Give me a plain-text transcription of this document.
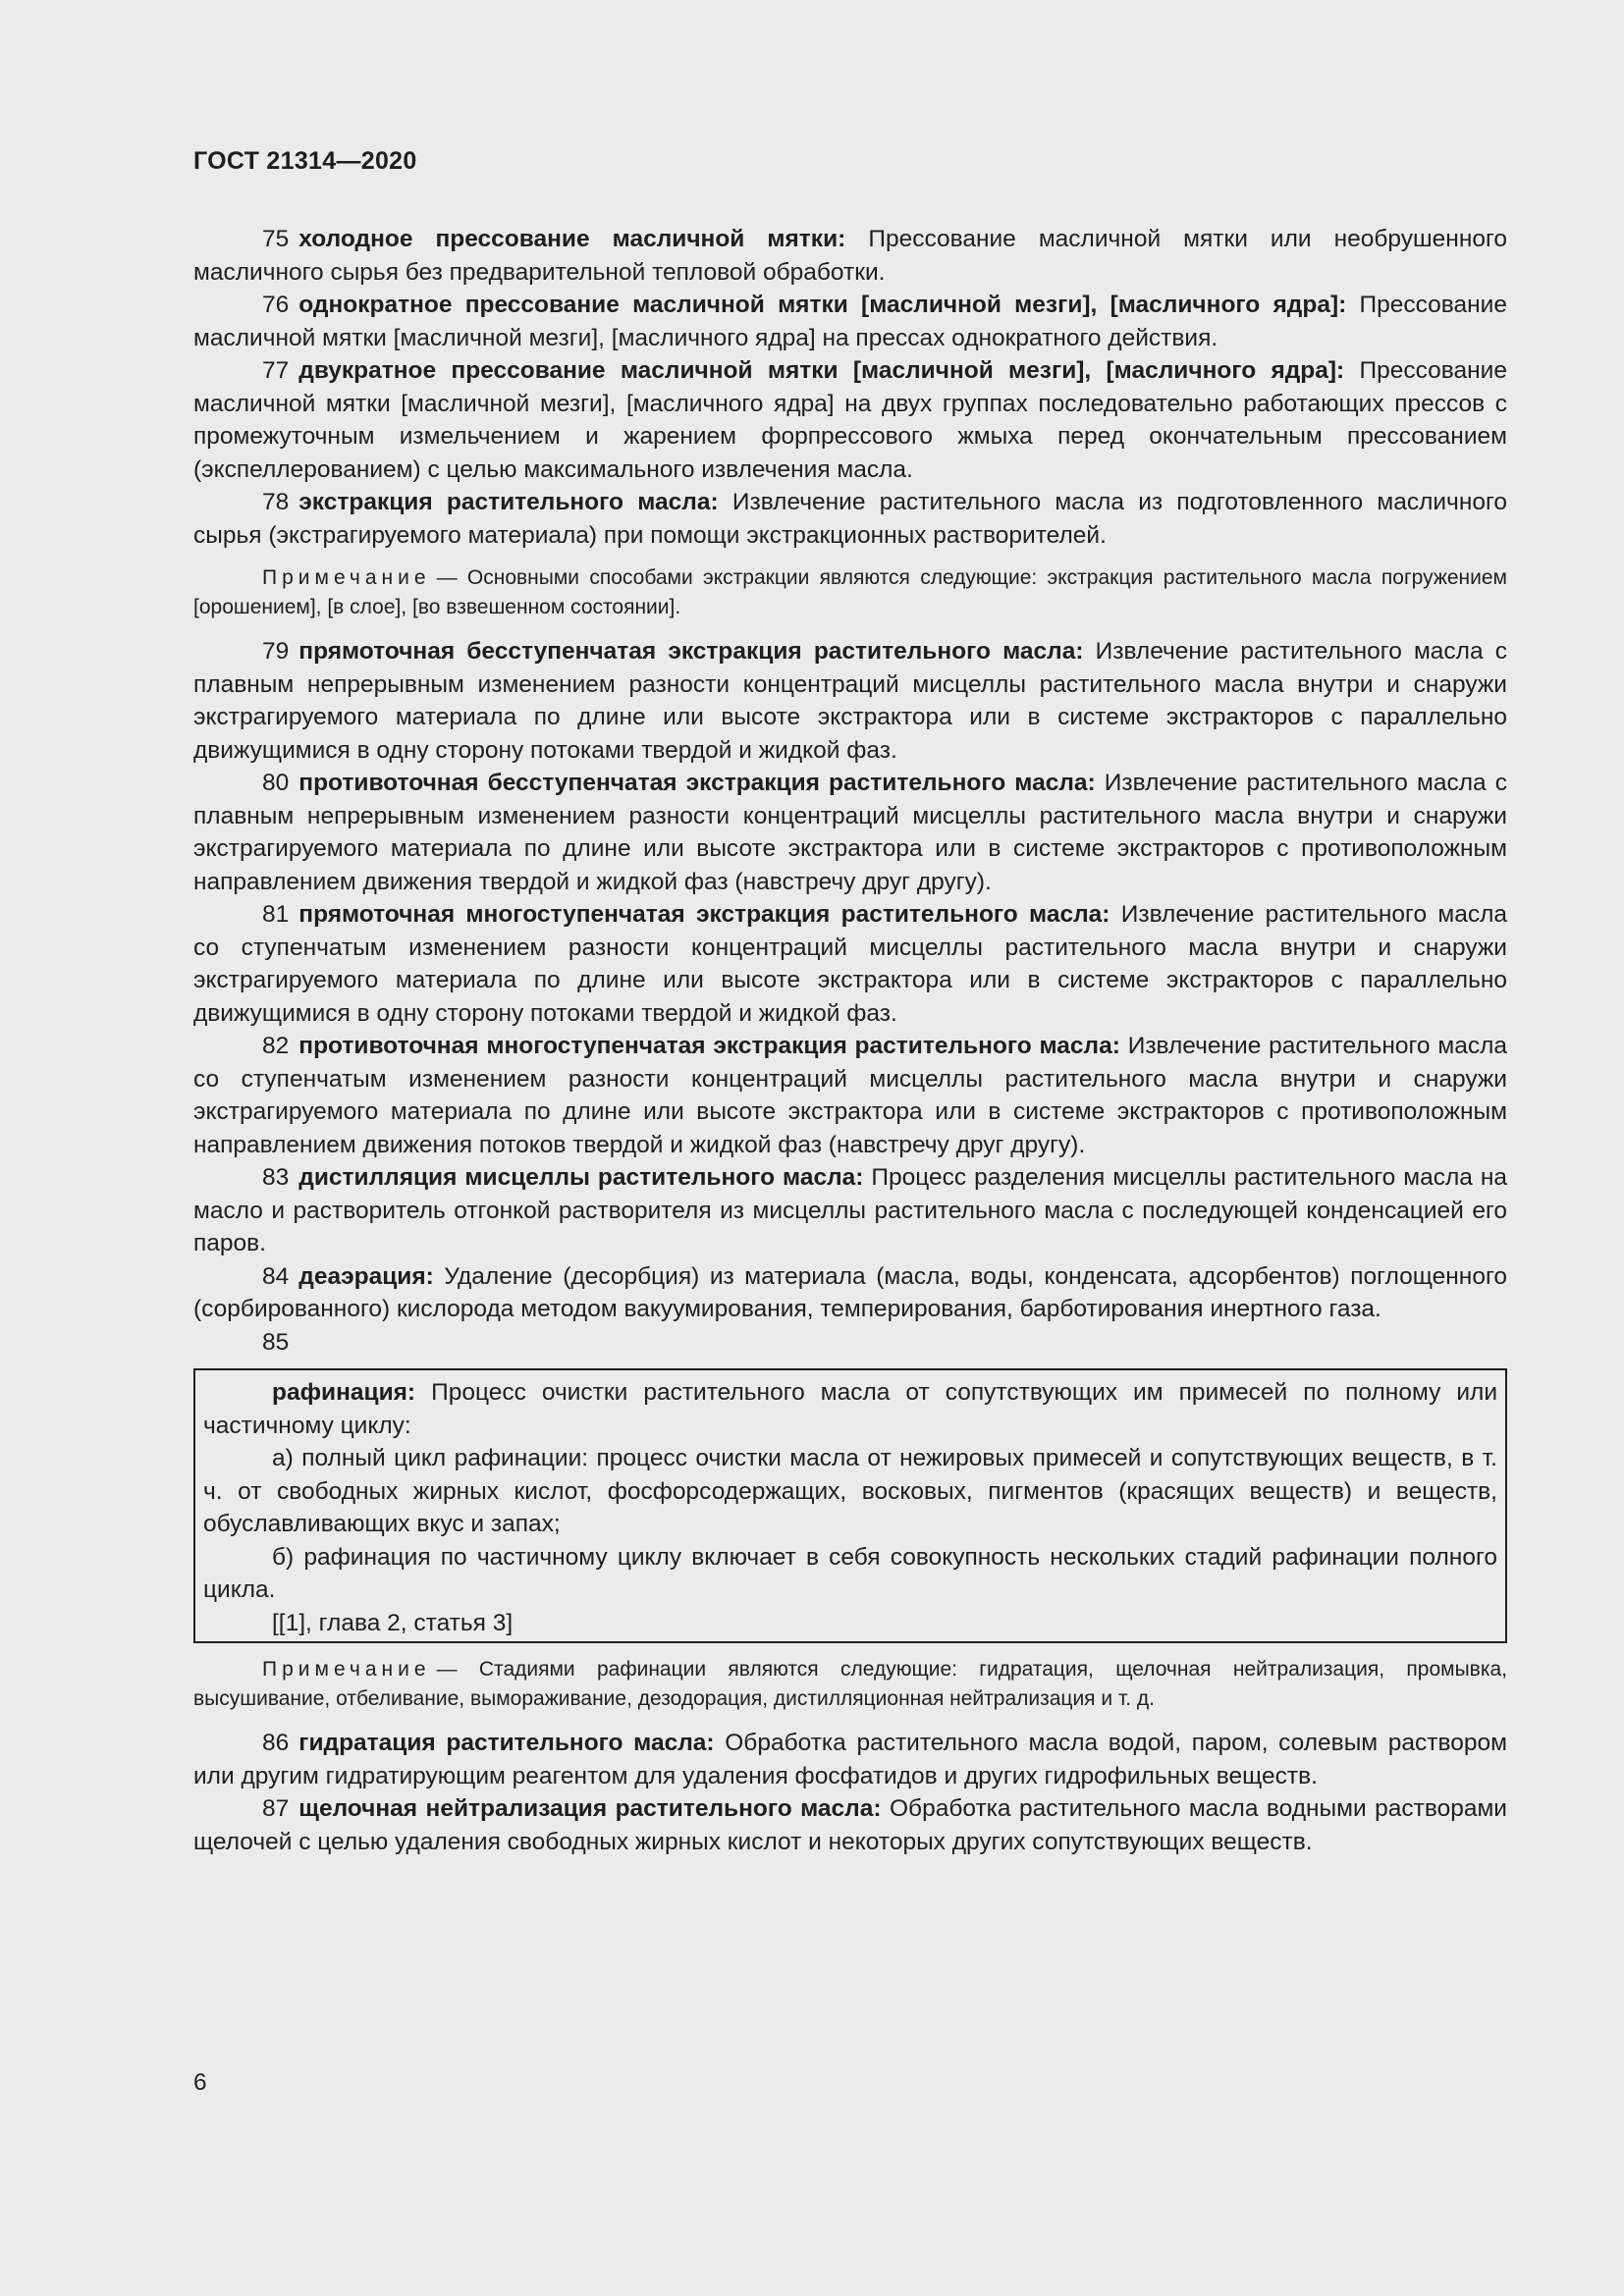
ГОСТ 21314—2020

75 холодное прессование масличной мятки: Прессование масличной мятки или необрушенного масличного сырья без предварительной тепловой обработки.

76 однократное прессование масличной мятки [масличной мезги], [масличного ядра]: Прессование масличной мятки [масличной мезги], [масличного ядра] на прессах однократного действия.

77 двукратное прессование масличной мятки [масличной мезги], [масличного ядра]: Прессование масличной мятки [масличной мезги], [масличного ядра] на двух группах последовательно работающих прессов с промежуточным измельчением и жарением форпрессового жмыха перед окончательным прессованием (экспеллерованием) с целью максимального извлечения масла.

78 экстракция растительного масла: Извлечение растительного масла из подготовленного масличного сырья (экстрагируемого материала) при помощи экстракционных растворителей.

Примечание — Основными способами экстракции являются следующие: экстракция растительного масла погружением [орошением], [в слое], [во взвешенном состоянии].

79 прямоточная бесступенчатая экстракция растительного масла: Извлечение растительного масла с плавным непрерывным изменением разности концентраций мисцеллы растительного масла внутри и снаружи экстрагируемого материала по длине или высоте экстрактора или в системе экстракторов с параллельно движущимися в одну сторону потоками твердой и жидкой фаз.

80 противоточная бесступенчатая экстракция растительного масла: Извлечение растительного масла с плавным непрерывным изменением разности концентраций мисцеллы растительного масла внутри и снаружи экстрагируемого материала по длине или высоте экстрактора или в системе экстракторов с противоположным направлением движения твердой и жидкой фаз (навстречу друг другу).

81 прямоточная многоступенчатая экстракция растительного масла: Извлечение растительного масла со ступенчатым изменением разности концентраций мисцеллы растительного масла внутри и снаружи экстрагируемого материала по длине или высоте экстрактора или в системе экстракторов с параллельно движущимися в одну сторону потоками твердой и жидкой фаз.

82 противоточная многоступенчатая экстракция растительного масла: Извлечение растительного масла со ступенчатым изменением разности концентраций мисцеллы растительного масла внутри и снаружи экстрагируемого материала по длине или высоте экстрактора или в системе экстракторов с противоположным направлением движения потоков твердой и жидкой фаз (навстречу друг другу).

83 дистилляция мисцеллы растительного масла: Процесс разделения мисцеллы растительного масла на масло и растворитель отгонкой растворителя из мисцеллы растительного масла с последующей конденсацией его паров.

84 деаэрация: Удаление (десорбция) из материала (масла, воды, конденсата, адсорбентов) поглощенного (сорбированного) кислорода методом вакуумирования, темперирования, барботирования инертного газа.

85

рафинация: Процесс очистки растительного масла от сопутствующих им примесей по полному или частичному циклу:

а) полный цикл рафинации: процесс очистки масла от нежировых примесей и сопутствующих веществ, в т. ч. от свободных жирных кислот, фосфорсодержащих, восковых, пигментов (красящих веществ) и веществ, обуславливающих вкус и запах;

б) рафинация по частичному циклу включает в себя совокупность нескольких стадий рафинации полного цикла.

[[1], глава 2, статья 3]

Примечание — Стадиями рафинации являются следующие: гидратация, щелочная нейтрализация, промывка, высушивание, отбеливание, вымораживание, дезодорация, дистилляционная нейтрализация и т. д.

86 гидратация растительного масла: Обработка растительного масла водой, паром, солевым раствором или другим гидратирующим реагентом для удаления фосфатидов и других гидрофильных веществ.

87 щелочная нейтрализация растительного масла: Обработка растительного масла водными растворами щелочей с целью удаления свободных жирных кислот и некоторых других сопутствующих веществ.

6
